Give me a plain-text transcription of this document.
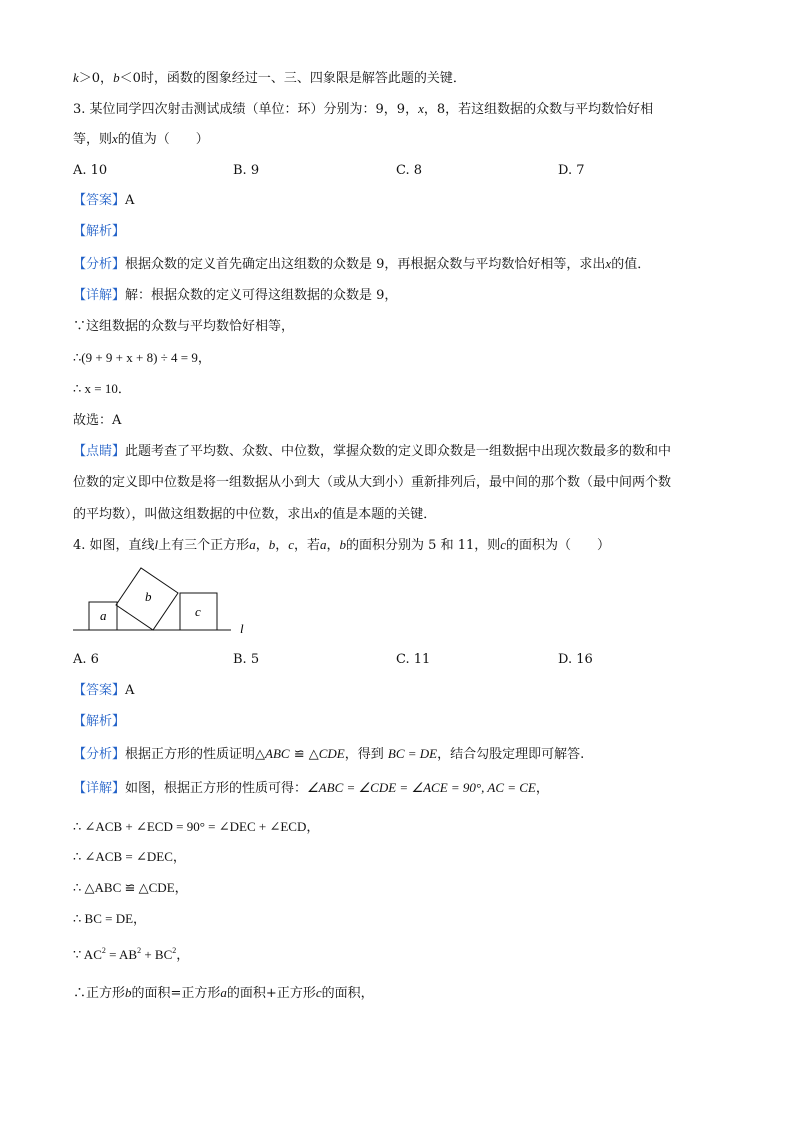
k＞0，b＜0时，函数的图象经过一、三、四象限是解答此题的关键．
3. 某位同学四次射击测试成绩（单位：环）分别为：9，9，x，8，若这组数据的众数与平均数恰好相
等，则x的值为（　　）
A. 10	B. 9	C. 8	D. 7
【答案】A
【解析】
【分析】根据众数的定义首先确定出这组数的众数是 9，再根据众数与平均数恰好相等，求出x的值．
【详解】解：根据众数的定义可得这组数据的众数是 9，
∵这组数据的众数与平均数恰好相等，
∴(9 + 9 + x + 8) ÷ 4 = 9，
∴ x = 10．
故选：A
【点睛】此题考查了平均数、众数、中位数，掌握众数的定义即众数是一组数据中出现次数最多的数和中
位数的定义即中位数是将一组数据从小到大（或从大到小）重新排列后，最中间的那个数（最中间两个数
的平均数），叫做这组数据的中位数，求出x的值是本题的关键．
4. 如图，直线l上有三个正方形a，b，c，若a，b的面积分别为 5 和 11，则c的面积为（　　）
a
b
c
l
A. 6	B. 5	C. 11	D. 16
【答案】A
【解析】
【分析】根据正方形的性质证明△ABC ≌ △CDE，得到 BC = DE，结合勾股定理即可解答.
【详解】如图，根据正方形的性质可得：∠ABC = ∠CDE = ∠ACE = 90°, AC = CE，
∴ ∠ACB + ∠ECD = 90° = ∠DEC + ∠ECD，
∴ ∠ACB = ∠DEC，
∴ △ABC ≌ △CDE，
∴ BC = DE，
∵ $AC^2 = AB^2 + BC^2$，
∴正方形b的面积=正方形a的面积+正方形c的面积，
